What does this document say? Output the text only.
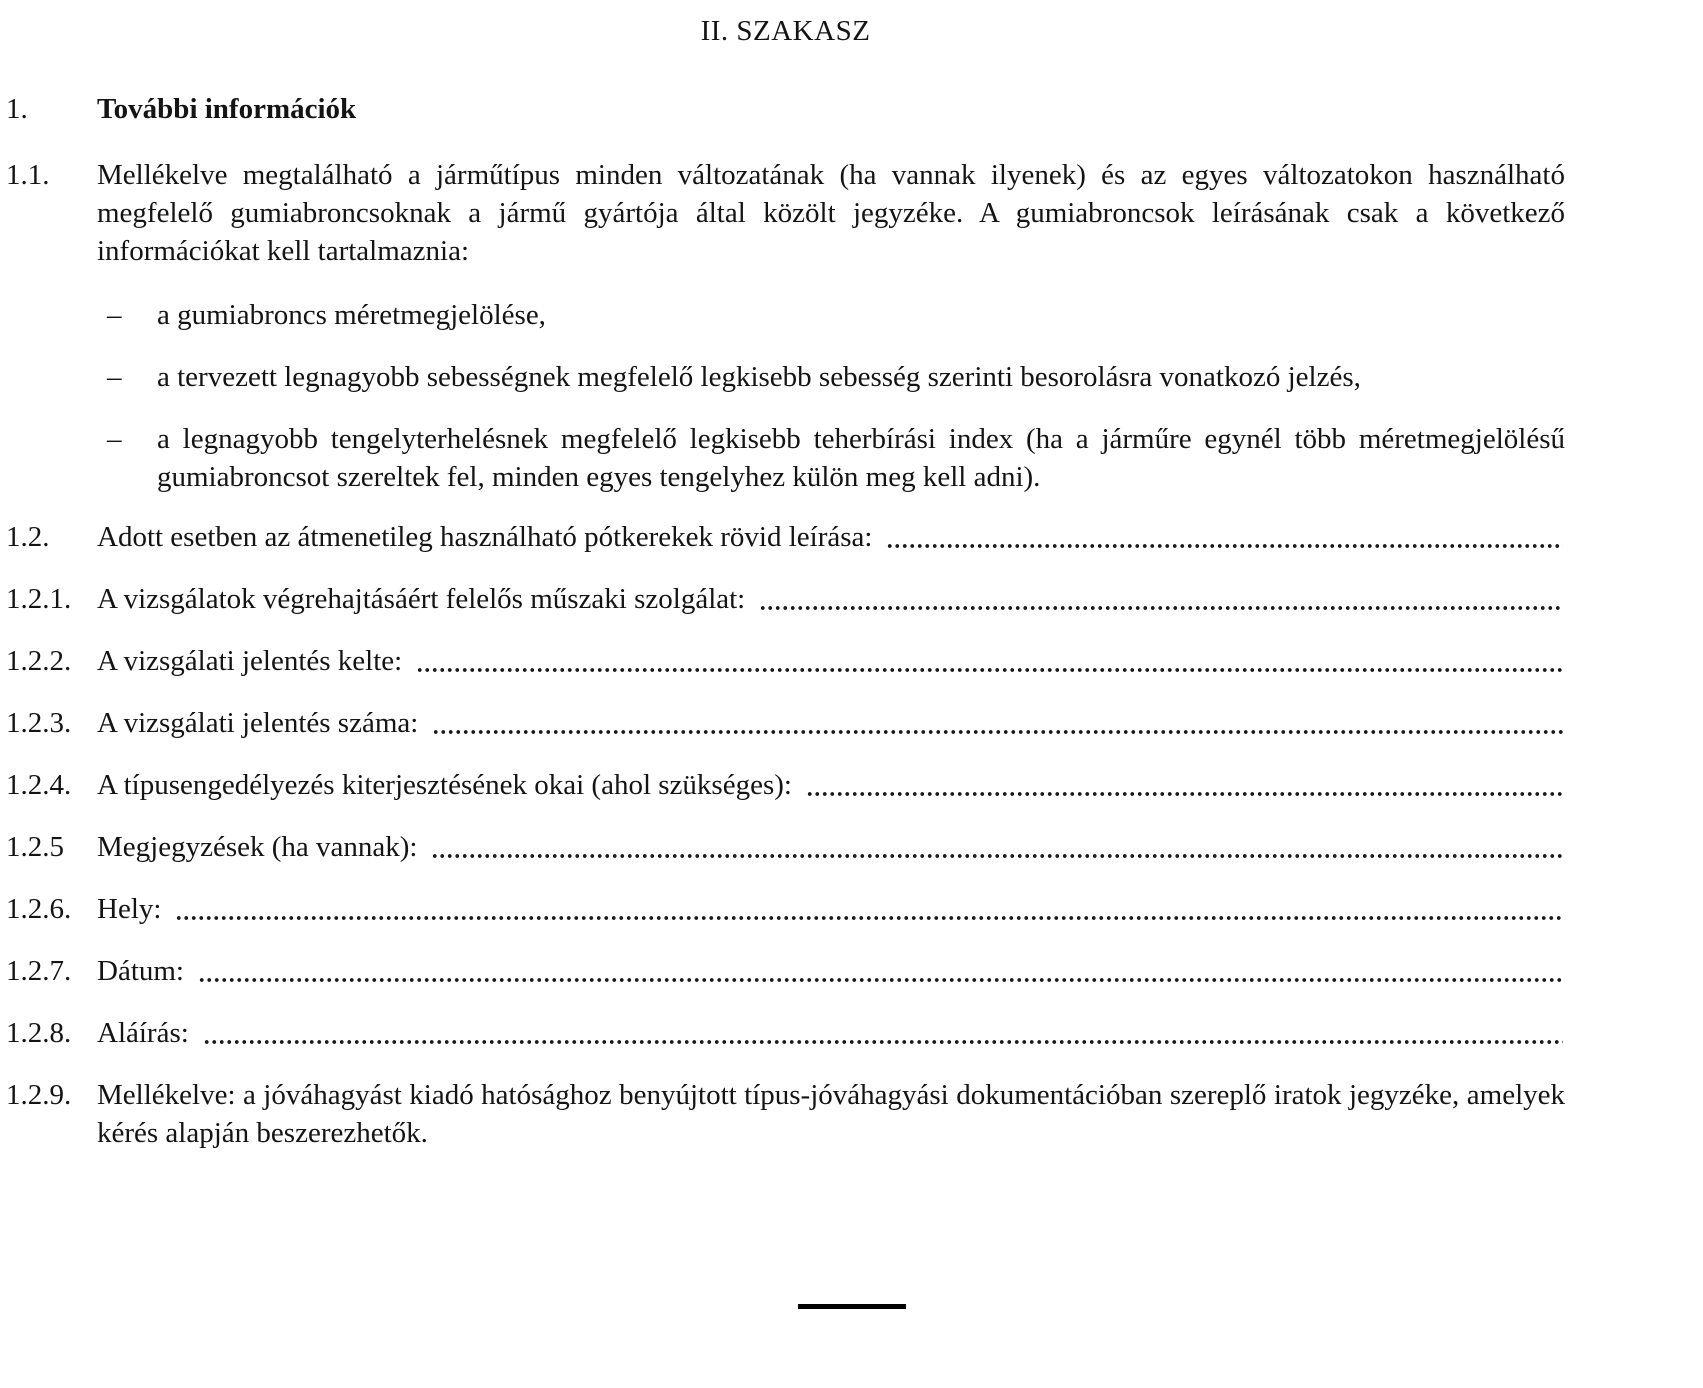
II. SZAKASZ
1.	További információk
1.1.	Mellékelve megtalálható a járműtípus minden változatának (ha vannak ilyenek) és az egyes változatokon használható megfelelő gumiabroncsoknak a jármű gyártója által közölt jegyzéke. A gumiabroncsok leírásának csak a következő információkat kell tartalmaznia:
–	a gumiabroncs méretmegjelölése,
–	a tervezett legnagyobb sebességnek megfelelő legkisebb sebesség szerinti besorolásra vonatkozó jelzés,
–	a legnagyobb tengelyterhelésnek megfelelő legkisebb teherbírási index (ha a járműre egynél több méretmegjelölésű gumiabroncsot szereltek fel, minden egyes tengelyhez külön meg kell adni).
1.2.	Adott esetben az átmenetileg használható pótkerekek rövid leírása:
1.2.1. A vizsgálatok végrehajtásáért felelős műszaki szolgálat:
1.2.2. A vizsgálati jelentés kelte:
1.2.3. A vizsgálati jelentés száma:
1.2.4. A típusengedélyezés kiterjesztésének okai (ahol szükséges):
1.2.5	Megjegyzések (ha vannak):
1.2.6. Hely:
1.2.7. Dátum:
1.2.8. Aláírás:
1.2.9. Mellékelve: a jóváhagyást kiadó hatósághoz benyújtott típus-jóváhagyási dokumentációban szereplő iratok jegyzéke, amelyek kérés alapján beszerezhetők.
